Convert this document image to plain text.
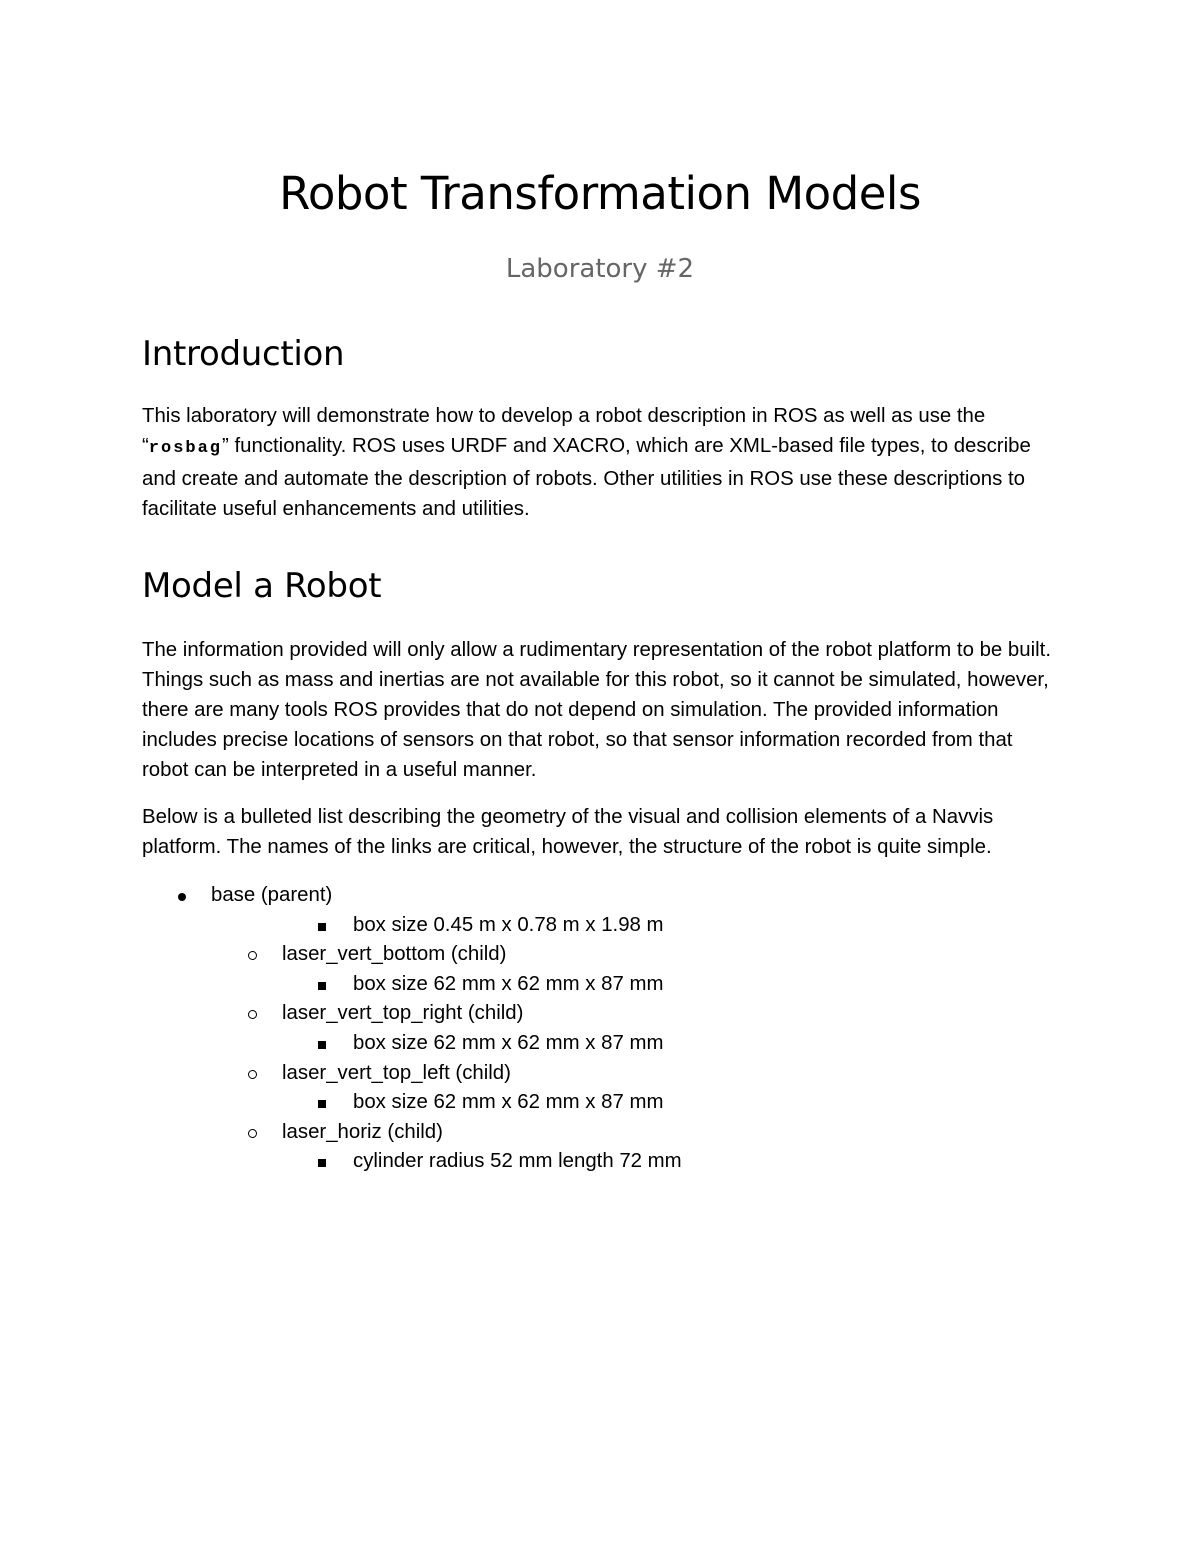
Robot Transformation Models
Laboratory #2
Introduction

This laboratory will demonstrate how to develop a robot description in ROS as well as use the “rosbag” functionality. ROS uses URDF and XACRO, which are XML-based file types, to describe and create and automate the description of robots. Other utilities in ROS use these descriptions to facilitate useful enhancements and utilities.

Model a Robot

The information provided will only allow a rudimentary representation of the robot platform to be built. Things such as mass and inertias are not available for this robot, so it cannot be simulated, however, there are many tools ROS provides that do not depend on simulation. The provided information includes precise locations of sensors on that robot, so that sensor information recorded from that robot can be interpreted in a useful manner.

Below is a bulleted list describing the geometry of the visual and collision elements of a Navvis platform. The names of the links are critical, however, the structure of the robot is quite simple.

base (parent)
box size 0.45 m x 0.78 m x 1.98 m
laser_vert_bottom (child)
box size 62 mm x 62 mm x 87 mm
laser_vert_top_right (child)
box size 62 mm x 62 mm x 87 mm
laser_vert_top_left (child)
box size 62 mm x 62 mm x 87 mm
laser_horiz (child)
cylinder radius 52 mm length 72 mm
